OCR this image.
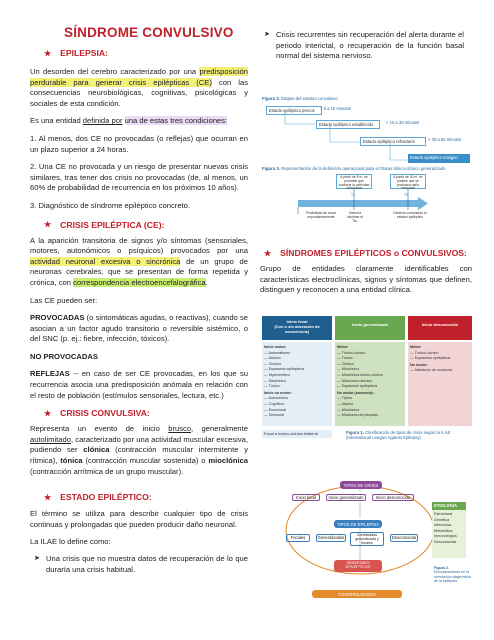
SÍNDROME CONVULSIVO
★ EPILEPSIA:

Un desorden del cerebro caracterizado por una predisposición perdurable para generar crisis epilépticas (CE) con las consecuencias neurobiológicas, cognitivas, psicológicas y sociales de esta condición.

Es una entidad definida por una de estas tres condiciones:

1. Al menos, dos CE no provocadas (o reflejas) que ocurran en un plazo superior a 24 horas.

2. Una CE no provocada y un riesgo de presentar nuevas crisis similares, tras tener dos crisis no provocadas (de, al menos, un 60% de probabilidad de recurrencia en los próximos 10 años).

3. Diagnóstico de síndrome epiléptico concreto.

★ CRISIS EPILÉPTICA (CE):

A la aparición transitoria de signos y/o síntomas (sensoriales, motores, autonómicos o psíquicos) provocados por una actividad neuronal excesiva o sincrónica de un grupo de neuronas cerebrales, que se presentan de forma repetida y crónica, con correspondencia electroencefalográfica.

Las CE pueden ser:

PROVOCADAS (o sintomáticas agudas, o reactivas), cuando se asocian a un factor agudo transitorio o reversible sistémico, o del SNC (p. ej.: fiebre, infección, tóxicos).

NO PROVOCADAS

REFLEJAS -- en caso de ser CE provocadas, en los que su recurrencia asocia una predisposición anómala en relación con el resto de población (estímulos sensoriales, lectura, etc.)

★ CRISIS CONVULSIVA:

Representa un evento de inicio brusco, generalmente autolimitado, caracterizado por una actividad muscular excesiva, pudiendo ser clónica (contracción muscular intermitente y rítmica), tónica (contracción muscular sostenida) o mioclónica (contracción arrítmica de un grupo muscular).

★ ESTADO EPILÉPTICO:

El término se utiliza para describir cualquier tipo de crisis continuas y prolongadas que pueden producir daño neuronal.

La ILAE lo define como:

➤ Una crisis que no muestra datos de recuperación de lo que duraría una crisis habitual.

➤ Crisis recurrentes sin recuperación del alerta durante el periodo interictal, o recuperación de la función basal normal del sistema nervioso.

Figura 2. Etapas del estatus convulsivo
Estado epiléptico precoz	> 5 a 10 minutos
Estado epiléptico establecido	> 10 a 30 minutos
Estado epiléptico refractario	> 30 a 60 minutos
Estado epiléptico maligno
Figura 3. Representación de la definición operacional para el Status tónico-clónico generalizado
A partir de 5 m. es probable que continúe la actividad convulsiva
A partir de 30 m. es posible que se produzca daño neuronal
0
T1	T2
Posibilidad de cesar espontáneamente
Debería iniciarse el Tto.
Debería controlarse el estatus epiléptico
★ SÍNDROMES EPILÉPTICOS o CONVULSIVOS:

Grupo de entidades claramente identificables con características electroclínicas, signos y síntomas que definen, distinguen y reconocen a una entidad clínica.

Inicio focal
(Con o sin alteración de consciencia)
Inicio generalizado	Inicio desconocido
Inicio motor:
— Automatismo
— Atónico
— Clónico
— Espasmos epilépticos
— Hipercinético
— Mioclónico
— Tónico
Inicio no motor:
— Autonómico
— Cognitivo
— Emocional
— Sensorial
Motor:
— Tónico-clónico
— Tónico
— Clónico
— Mioclónico
— Mioclónico-tónico-clónico
— Mioclónico-atónico
— Espasmos epilépticos
No motor (ausencia):
— Típica
— Atípica
— Mioclónica
— Mioclonía del párpado
Motor:
— Tónico-clónico
— Espasmos epilépticos
No motor:
— Alteración de conducta
Focal a tónico-clónica bilateral	Figura 1. Clasificación de tipos de crisis según la ILAE (International League Against Epilepsy)
TIPOS DE CRISIS
Inicio focal	Inicio generalizado	Inicio desconocido
TIPOS DE EPILEPSIA
Focales	Generalizadas	Combinadas generalizada y focales
Desconocida
SÍNDROMES EPILÉPTICOS
ETIOLOGÍA
Estructural
Genética
Infecciosa
Metabólica
Inmunológica
Desconocida
COMORBILIDADES
Figura 2.
Encuadramiento en la orientación diagnóstica de la epilepsia.
